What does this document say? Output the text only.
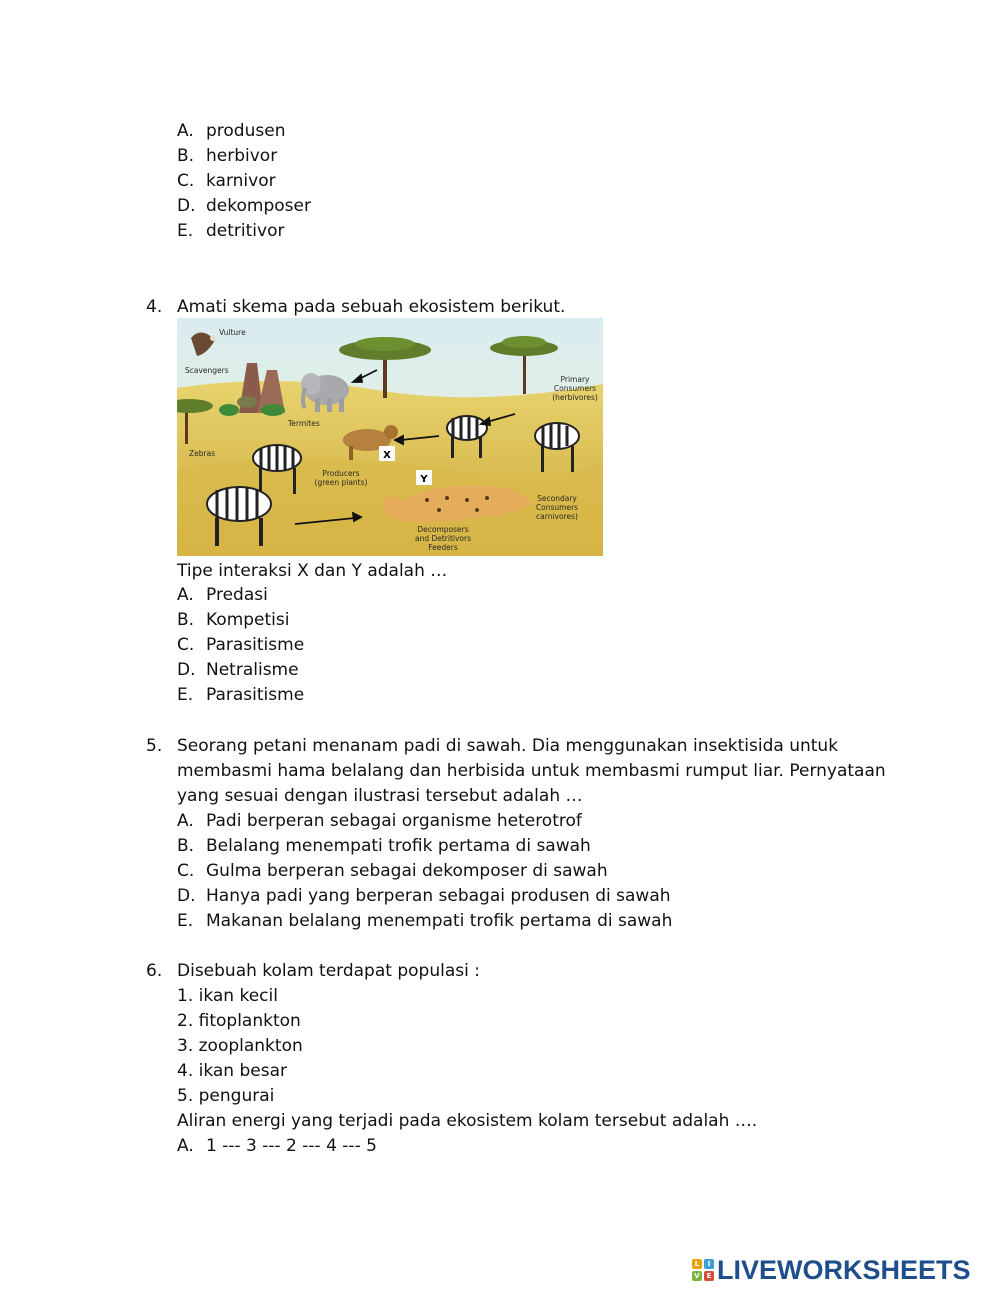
A. produsen
B. herbivor
C. karnivor
D. dekomposer
E. detritivor
4. Amati skema pada sebuah ekosistem berikut.
X
Y
Vulture
Scavengers
Termites
Zebras
Producers
(green plants)
Primary
Consumers
(herbivores)
Secondary
Consumers
carnivores)
Decomposers
and Detritivors
Feeders
Tipe interaksi X dan Y adalah …
A. Predasi
B. Kompetisi
C. Parasitisme
D. Netralisme
E. Parasitisme
5. Seorang petani menanam padi di sawah. Dia menggunakan insektisida untuk
membasmi hama belalang dan herbisida untuk membasmi rumput liar. Pernyataan
yang sesuai dengan ilustrasi tersebut adalah …
A. Padi berperan sebagai organisme heterotrof
B. Belalang menempati trofik pertama di sawah
C. Gulma berperan sebagai dekomposer di sawah
D. Hanya padi yang berperan sebagai produsen di sawah
E. Makanan belalang menempati trofik pertama di sawah
6. Disebuah kolam terdapat populasi :
1. ikan kecil
2. fitoplankton
3. zooplankton
4. ikan besar
5. pengurai
Aliran energi yang terjadi pada ekosistem kolam tersebut adalah ….
A. 1 --- 3 --- 2 --- 4 --- 5
L	I
V E LIVEWORKSHEETS
